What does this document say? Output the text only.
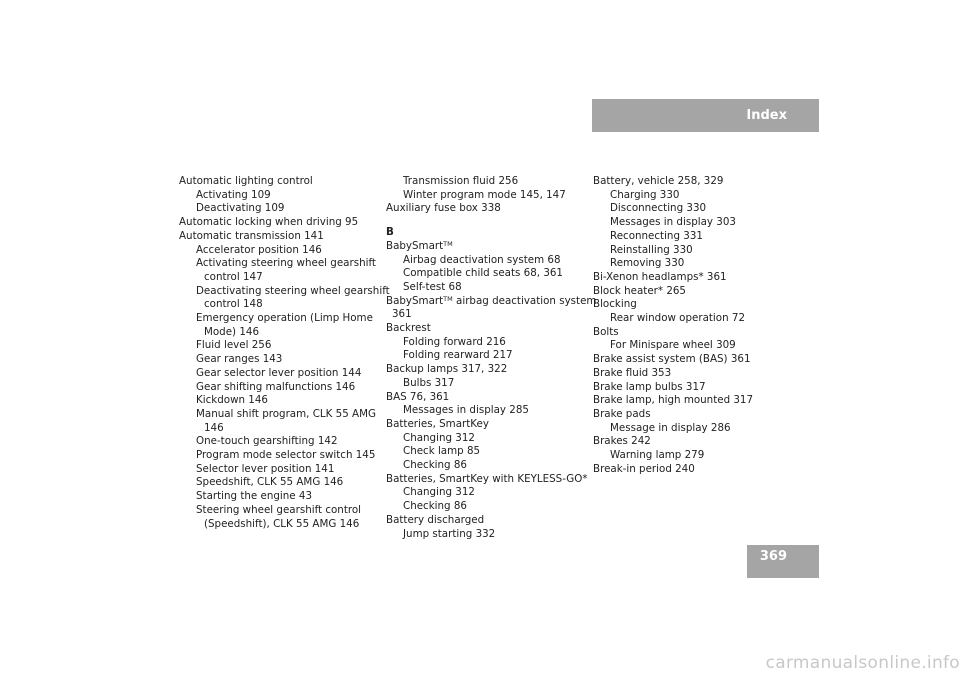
Index
Automatic lighting control
Activating 109
Deactivating 109
Automatic locking when driving 95
Automatic transmission 141
Accelerator position 146
Activating steering wheel gearshift
control 147
Deactivating steering wheel gearshift
control 148
Emergency operation (Limp Home
Mode) 146
Fluid level 256
Gear ranges 143
Gear selector lever position 144
Gear shifting malfunctions 146
Kickdown 146
Manual shift program, CLK 55 AMG
146
One-touch gearshifting 142
Program mode selector switch 145
Selector lever position 141
Speedshift, CLK 55 AMG 146
Starting the engine 43
Steering wheel gearshift control
(Speedshift), CLK 55 AMG 146
Transmission fluid 256
Winter program mode 145, 147
Auxiliary fuse box 338
B
BabySmart™
Airbag deactivation system 68
Compatible child seats 68, 361
Self-test 68
BabySmart™ airbag deactivation system
361
Backrest
Folding forward 216
Folding rearward 217
Backup lamps 317, 322
Bulbs 317
BAS 76, 361
Messages in display 285
Batteries, SmartKey
Changing 312
Check lamp 85
Checking 86
Batteries, SmartKey with KEYLESS-GO*
Changing 312
Checking 86
Battery discharged
Jump starting 332
Battery, vehicle 258, 329
Charging 330
Disconnecting 330
Messages in display 303
Reconnecting 331
Reinstalling 330
Removing 330
Bi-Xenon headlamps* 361
Block heater* 265
Blocking
Rear window operation 72
Bolts
For Minispare wheel 309
Brake assist system (BAS) 361
Brake fluid 353
Brake lamp bulbs 317
Brake lamp, high mounted 317
Brake pads
Message in display 286
Brakes 242
Warning lamp 279
Break-in period 240
369
carmanualsonline.info
